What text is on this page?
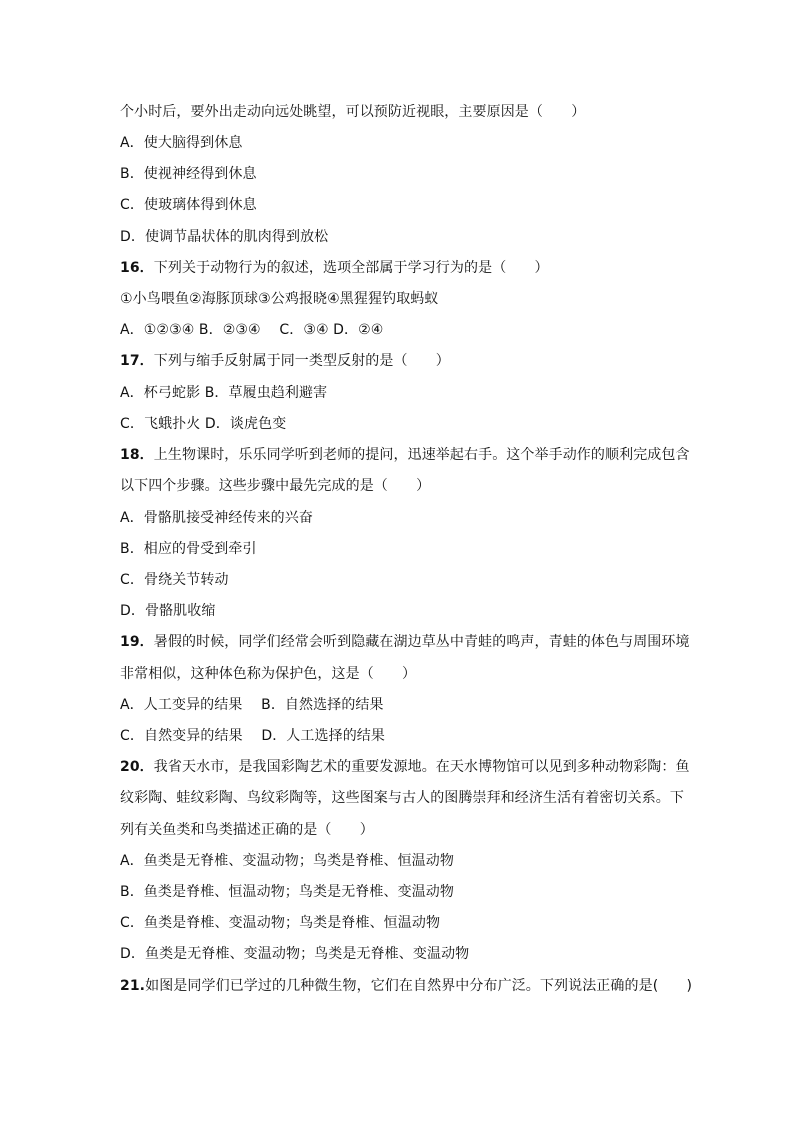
个小时后，要外出走动向远处眺望，可以预防近视眼，主要原因是（　　）
A．使大脑得到休息
B．使视神经得到休息
C．使玻璃体得到休息
D．使调节晶状体的肌肉得到放松
16．下列关于动物行为的叙述，选项全部属于学习行为的是（　　）
①小鸟喂鱼②海豚顶球③公鸡报晓④黑猩猩钓取蚂蚁
A．①②③④ B．②③④　 C．③④ D．②④
17．下列与缩手反射属于同一类型反射的是（　　）
A．杯弓蛇影 B．草履虫趋利避害
C．飞蛾扑火 D．谈虎色变
18．上生物课时，乐乐同学听到老师的提问，迅速举起右手。这个举手动作的顺利完成包含
以下四个步骤。这些步骤中最先完成的是（　　）
A．骨骼肌接受神经传来的兴奋
B．相应的骨受到牵引
C．骨绕关节转动
D．骨骼肌收缩
19．暑假的时候，同学们经常会听到隐藏在湖边草丛中青蛙的鸣声，青蛙的体色与周围环境
非常相似，这种体色称为保护色，这是（　　）
A．人工变异的结果　 B．自然选择的结果
C．自然变异的结果　 D．人工选择的结果
20．我省天水市，是我国彩陶艺术的重要发源地。在天水博物馆可以见到多种动物彩陶：鱼
纹彩陶、蛙纹彩陶、鸟纹彩陶等，这些图案与古人的图腾崇拜和经济生活有着密切关系。下
列有关鱼类和鸟类描述正确的是（　　）
A．鱼类是无脊椎、变温动物；鸟类是脊椎、恒温动物
B．鱼类是脊椎、恒温动物；鸟类是无脊椎、变温动物
C．鱼类是脊椎、变温动物；鸟类是脊椎、恒温动物
D．鱼类是无脊椎、变温动物；鸟类是无脊椎、变温动物
21.如图是同学们已学过的几种微生物，它们在自然界中分布广泛。下列说法正确的是(　　)
